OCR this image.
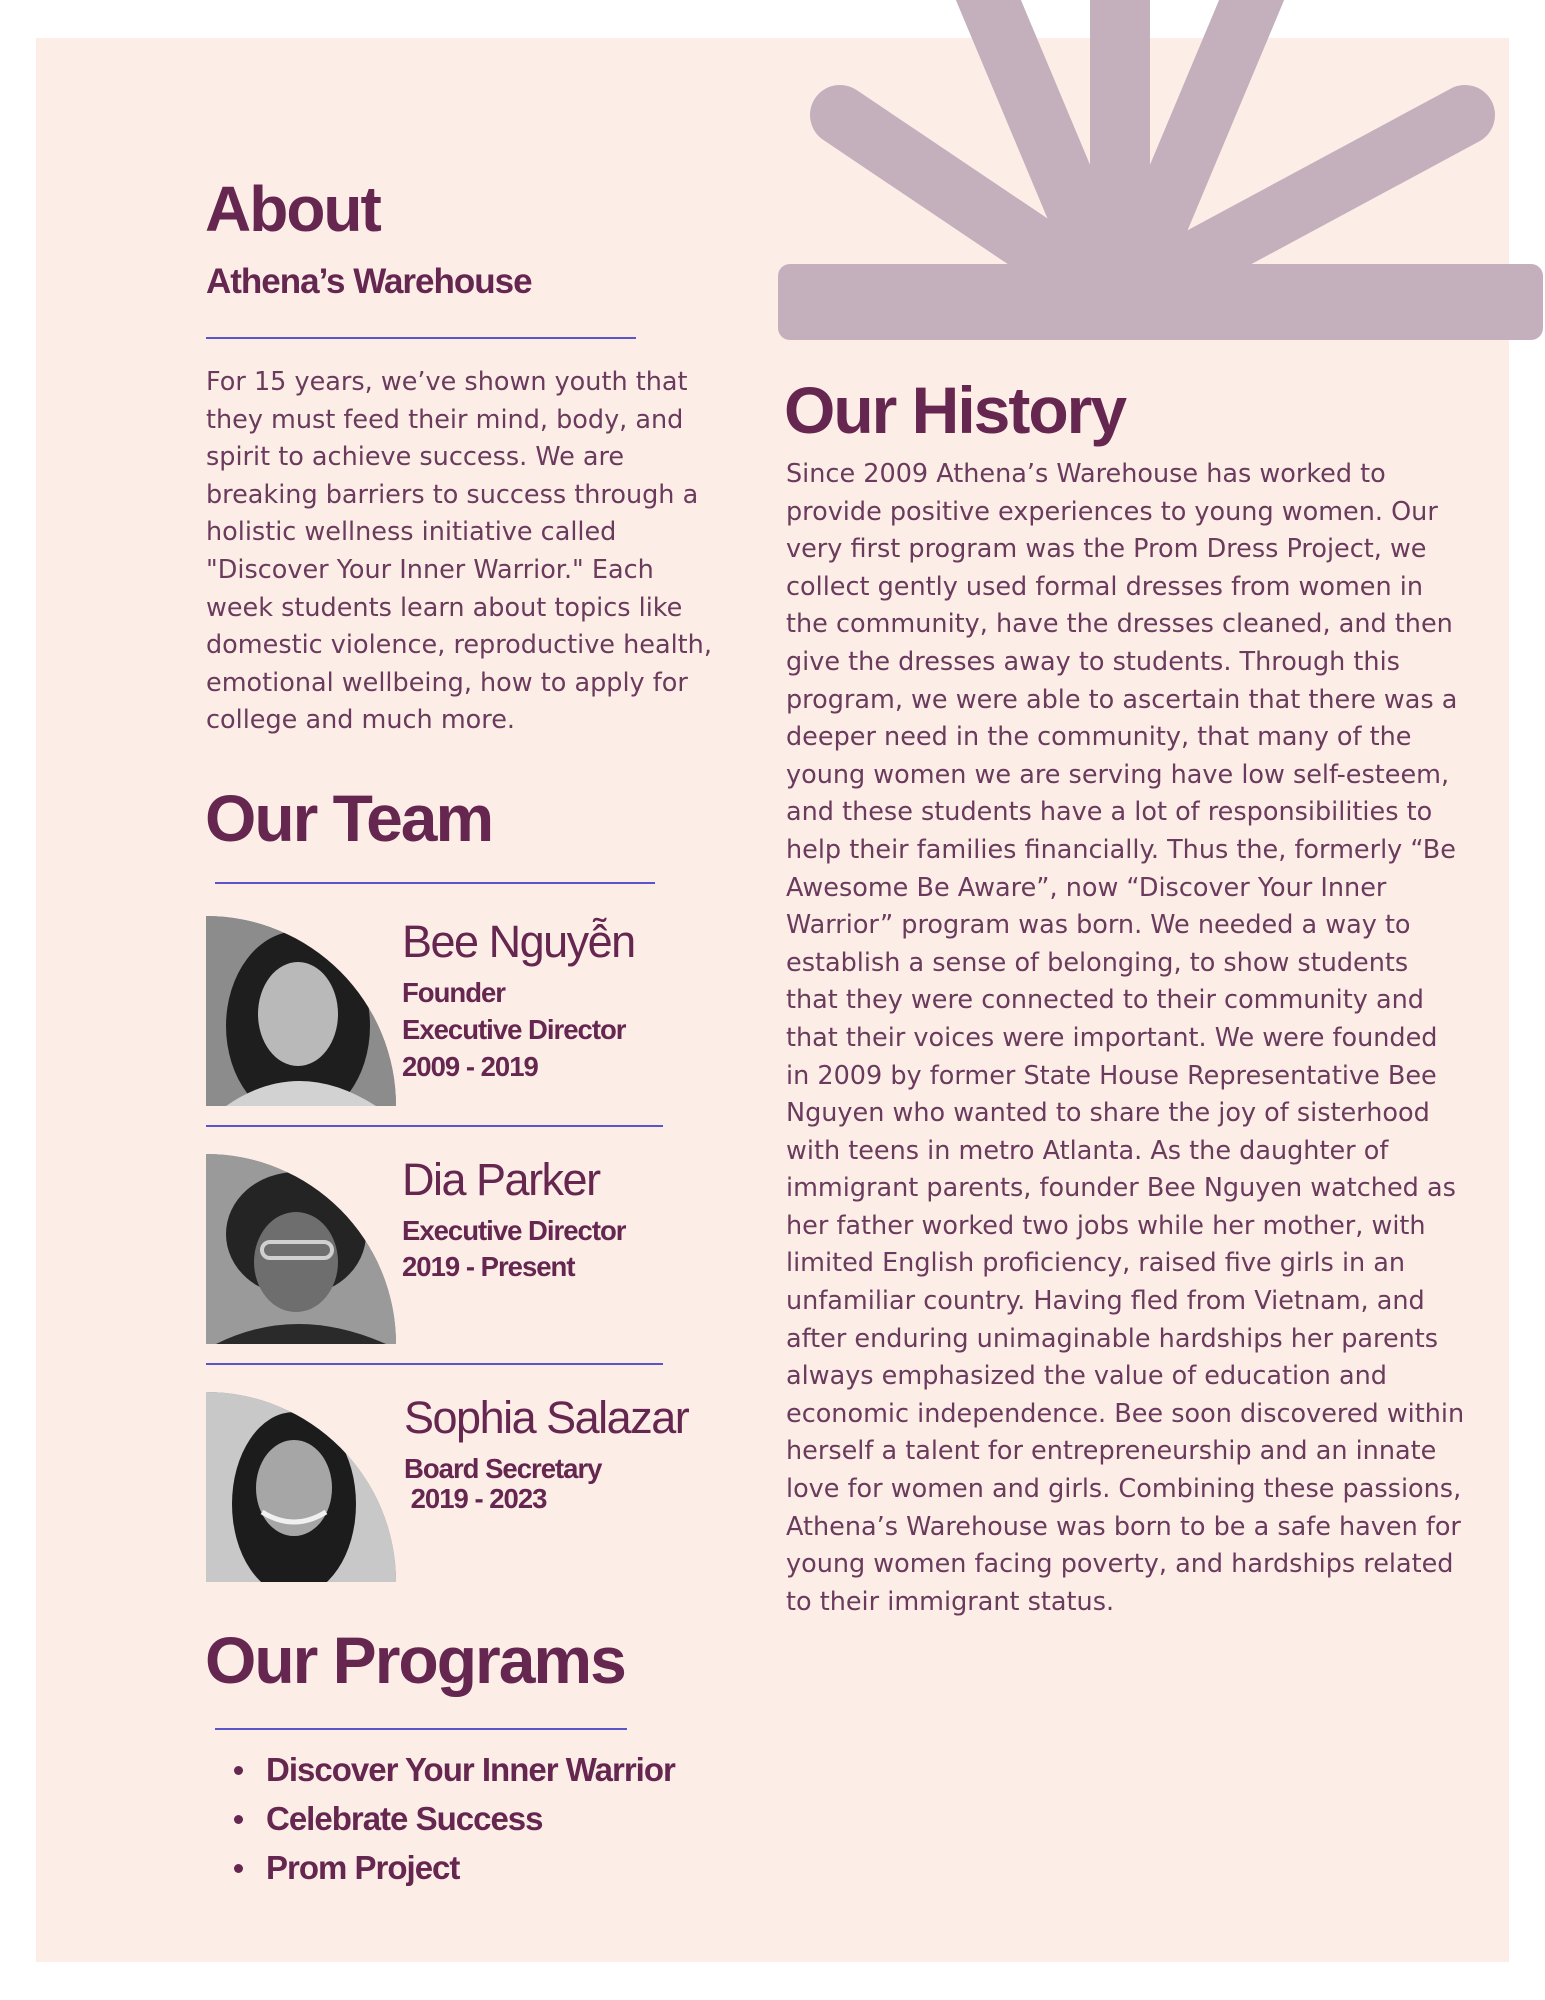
About
Athena’s Warehouse

For 15 years, we’ve shown youth that they must feed their mind, body, and spirit to achieve success. We are breaking barriers to success through a holistic wellness initiative called "Discover Your Inner Warrior." Each week students learn about topics like domestic violence, reproductive health, emotional wellbeing, how to apply for college and much more.

Our Team
Bee Nguyễn
Founder
Executive Director
2009 - 2019
Dia Parker
Executive Director
2019 - Present
Sophia Salazar
Board Secretary
2019 - 2023
Our Programs
Discover Your Inner Warrior
Celebrate Success
Prom Project
Our History

Since 2009 Athena’s Warehouse has worked to provide positive experiences to young women. Our very first program was the Prom Dress Project, we collect gently used formal dresses from women in the community, have the dresses cleaned, and then give the dresses away to students. Through this program, we were able to ascertain that there was a deeper need in the community, that many of the young women we are serving have low self-esteem, and these students have a lot of responsibilities to help their families financially. Thus the, formerly “Be Awesome Be Aware”, now “Discover Your Inner Warrior” program was born. We needed a way to establish a sense of belonging, to show students that they were connected to their community and that their voices were important. We were founded in 2009 by former State House Representative Bee Nguyen who wanted to share the joy of sisterhood with teens in metro Atlanta. As the daughter of immigrant parents, founder Bee Nguyen watched as her father worked two jobs while her mother, with limited English proficiency, raised five girls in an unfamiliar country. Having fled from Vietnam, and after enduring unimaginable hardships her parents always emphasized the value of education and economic independence. Bee soon discovered within herself a talent for entrepreneurship and an innate love for women and girls. Combining these passions, Athena’s Warehouse was born to be a safe haven for young women facing poverty, and hardships related to their immigrant status.
